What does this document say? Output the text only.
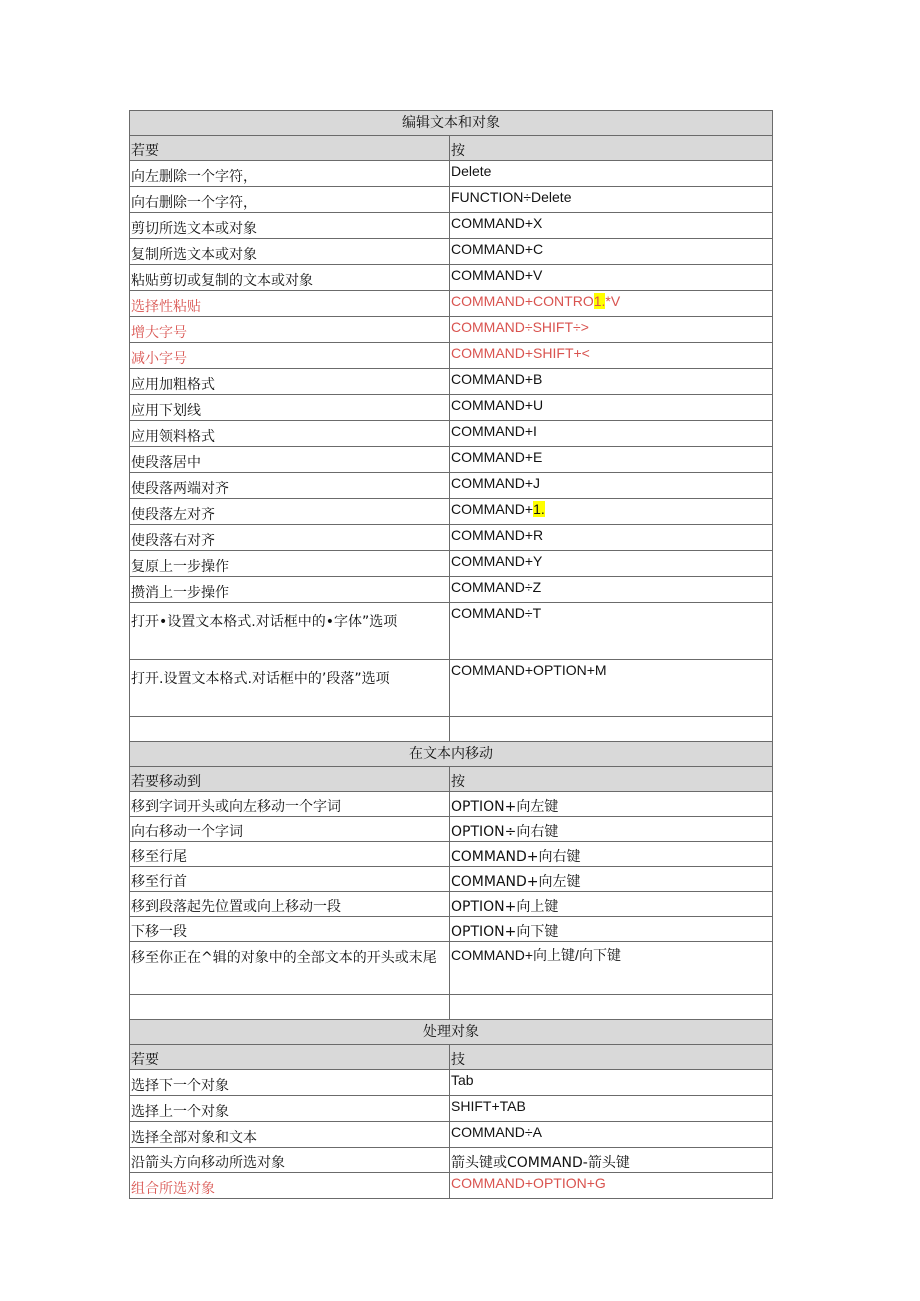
编辑文本和对象	
若要	按
向左删除一个字符，	Delete
向右删除一个字符，	FUNCTION÷Delete
剪切所选文本或对象	COMMAND+X
复制所选文本或对象	COMMAND+C
粘贴剪切或复制的文本或对象	COMMAND+V
选择性粘贴	COMMAND+CONTRO1.*V
增大字号	COMMAND÷SHIFT÷>
减小字号	COMMAND+SHIFT+<
应用加粗格式	COMMAND+B
应用下划线	COMMAND+U
应用领料格式	COMMAND+I
使段落居中	COMMAND+E
使段落两端对齐	COMMAND+J
使段落左对齐	COMMAND+1.
使段落右对齐	COMMAND+R
复原上一步操作	COMMAND+Y
攒消上一步操作	COMMAND÷Z
打开•设置文本格式.对话框中的•字体”选项	COMMAND÷T
打开.设置文本格式.对话框中的’段落”选项	COMMAND+OPTION+M

在文本内移动	
若要移动到	按
移到字词开头或向左移动一个字词	OPTION+向左键
向右移动一个字词	OPTION÷向右键
移至行尾	COMMAND+向右键
移至行首	COMMAND+向左键
移到段落起先位置或向上移动一段	OPTION+向上键
下移一段	OPTION+向下键
移至你正在^辑的对象中的全部文本的开头或末尾	COMMAND+向上键/向下键

处理对象	
若要	技
选择下一个对象	Tab
选择上一个对象	SHIFT+TAB
选择全部对象和文本	COMMAND÷A
沿箭头方向移动所选对象	箭头键或COMMAND-箭头键
组合所选对象	COMMAND+OPTION+G
